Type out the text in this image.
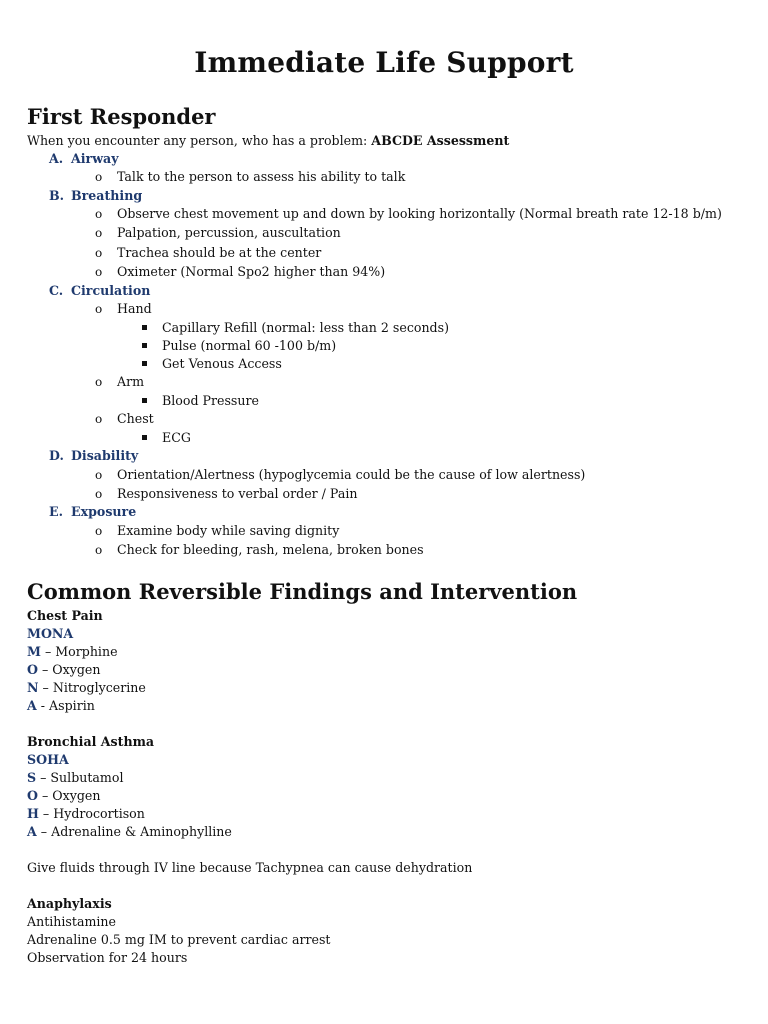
Immediate Life Support
First Responder
When you encounter any person, who has a problem: ABCDE Assessment
A. Airway
o Talk to the person to assess his ability to talk
B. Breathing
o Observe chest movement up and down by looking horizontally (Normal breath rate 12-18 b/m)
o Palpation, percussion, auscultation
o Trachea should be at the center
o Oximeter (Normal Spo2 higher than 94%)
C. Circulation
o Hand
Capillary Refill (normal: less than 2 seconds)
Pulse (normal 60 -100 b/m)
Get Venous Access
o Arm
Blood Pressure
o Chest
ECG
D. Disability
o Orientation/Alertness (hypoglycemia could be the cause of low alertness)
o Responsiveness to verbal order / Pain
E. Exposure
o Examine body while saving dignity
o Check for bleeding, rash, melena, broken bones
Common Reversible Findings and Intervention
Chest Pain
MONA
M – Morphine
O – Oxygen
N – Nitroglycerine
A - Aspirin
Bronchial Asthma
SOHA
S – Sulbutamol
O – Oxygen
H – Hydrocortison
A – Adrenaline & Aminophylline
Give fluids through IV line because Tachypnea can cause dehydration
Anaphylaxis
Antihistamine
Adrenaline 0.5 mg IM to prevent cardiac arrest
Observation for 24 hours
